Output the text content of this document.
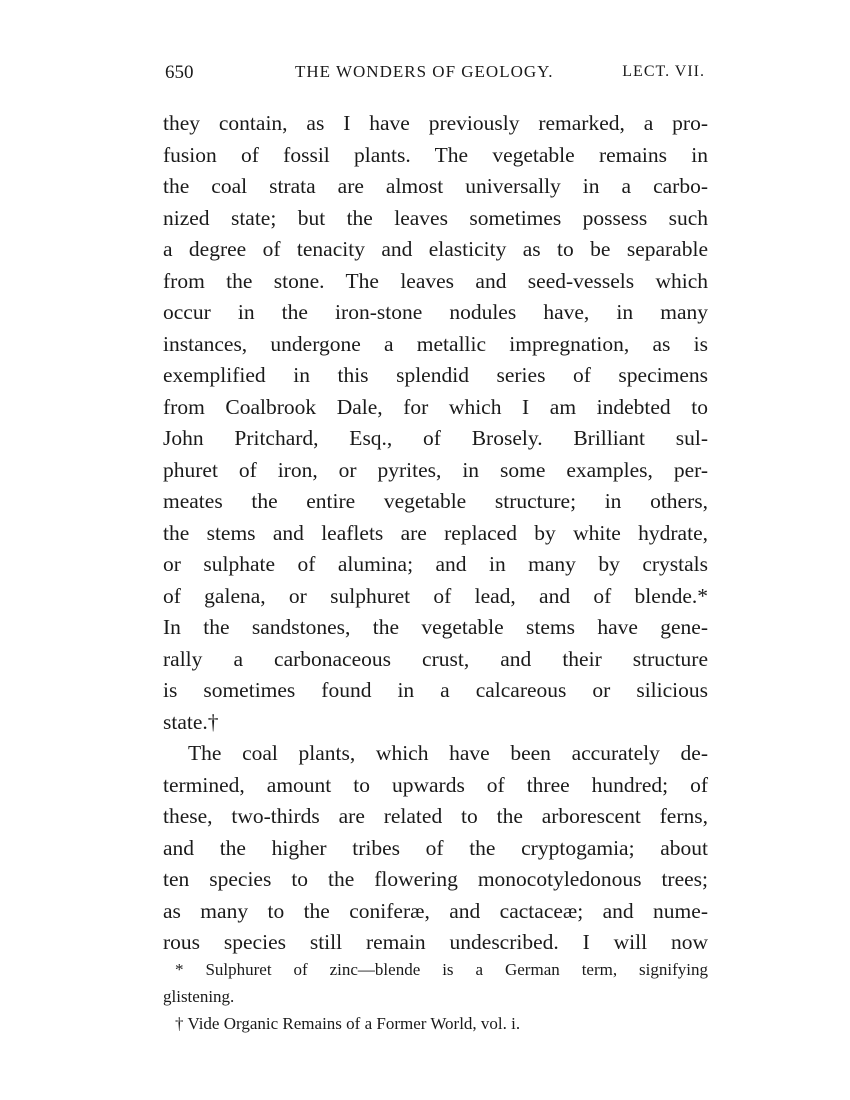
650	THE WONDERS OF GEOLOGY.	LECT. VII.
they contain, as I have previously remarked, a pro-
fusion of fossil plants. The vegetable remains in
the coal strata are almost universally in a carbo-
nized state; but the leaves sometimes possess such
a degree of tenacity and elasticity as to be separable
from the stone. The leaves and seed-vessels which
occur in the iron-stone nodules have, in many
instances, undergone a metallic impregnation, as is
exemplified in this splendid series of specimens
from Coalbrook Dale, for which I am indebted to
John Pritchard, Esq., of Brosely. Brilliant sul-
phuret of iron, or pyrites, in some examples, per-
meates the entire vegetable structure; in others,
the stems and leaflets are replaced by white hydrate,
or sulphate of alumina; and in many by crystals
of galena, or sulphuret of lead, and of blende.*
In the sandstones, the vegetable stems have gene-
rally a carbonaceous crust, and their structure
is sometimes found in a calcareous or silicious
state.†
The coal plants, which have been accurately de-
termined, amount to upwards of three hundred; of
these, two-thirds are related to the arborescent ferns,
and the higher tribes of the cryptogamia; about
ten species to the flowering monocotyledonous trees;
as many to the coniferæ, and cactaceæ; and nume-
rous species still remain undescribed. I will now
* Sulphuret of zinc—blende is a German term, signifying
glistening.
† Vide Organic Remains of a Former World, vol. i.
